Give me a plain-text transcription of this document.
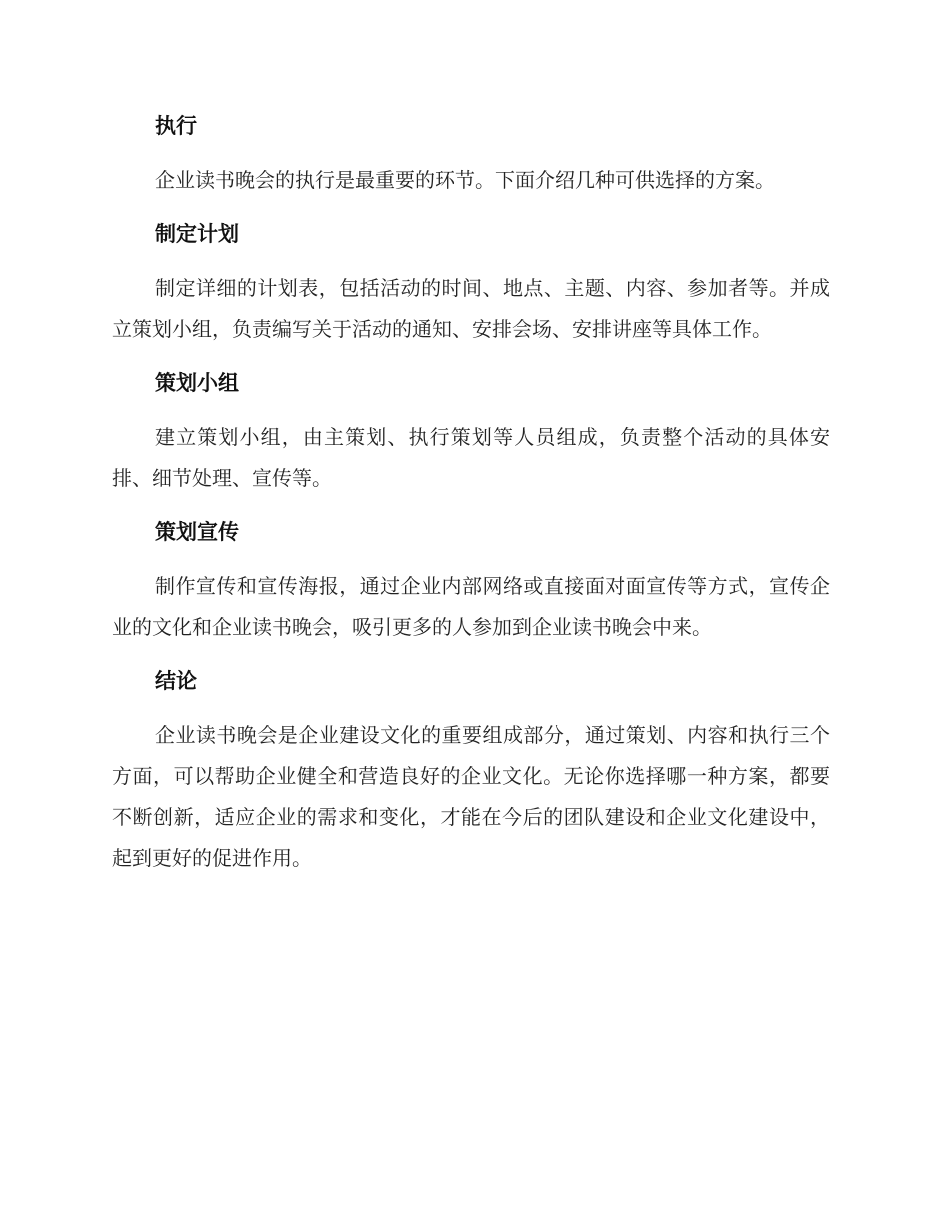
执行

企业读书晚会的执行是最重要的环节。下面介绍几种可供选择的方案。

制定计划

制定详细的计划表，包括活动的时间、地点、主题、内容、参加者等。并成立策划小组，负责编写关于活动的通知、安排会场、安排讲座等具体工作。

策划小组

建立策划小组，由主策划、执行策划等人员组成，负责整个活动的具体安排、细节处理、宣传等。

策划宣传

制作宣传和宣传海报，通过企业内部网络或直接面对面宣传等方式，宣传企业的文化和企业读书晚会，吸引更多的人参加到企业读书晚会中来。

结论

企业读书晚会是企业建设文化的重要组成部分，通过策划、内容和执行三个方面，可以帮助企业健全和营造良好的企业文化。无论你选择哪一种方案，都要不断创新，适应企业的需求和变化，才能在今后的团队建设和企业文化建设中，起到更好的促进作用。
